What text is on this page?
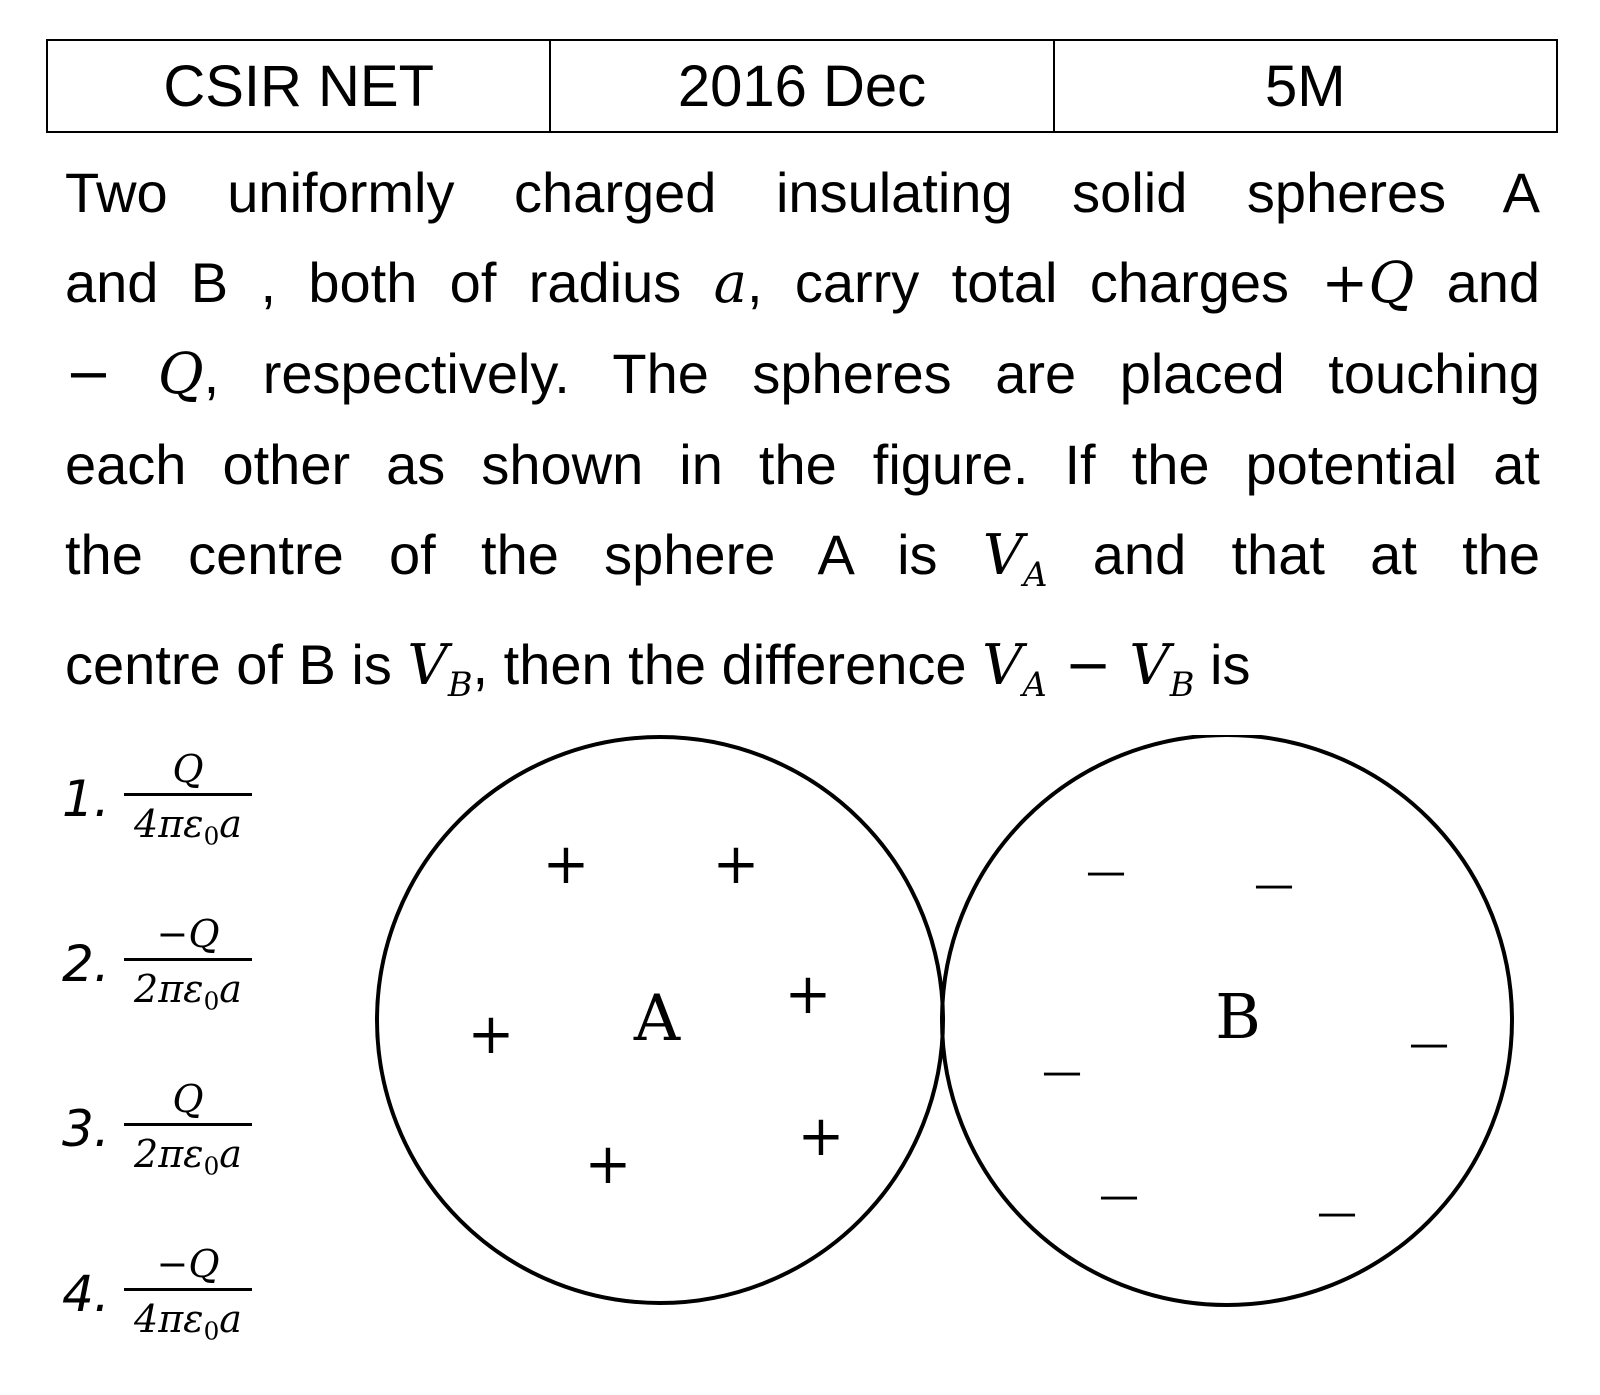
CSIR NET	2016 Dec	5M
Two uniformly charged insulating solid spheres A
and B , both of radius a, carry total charges +Q and
− Q, respectively. The spheres are placed touching
each other as shown in the figure. If the potential at
the centre of the sphere A is $V_A$ and that at the
centre of B is $V_B$, then the difference $V_A - V_B$ is
1. $\frac{Q}{4\pi\varepsilon_0a}$
2. $\frac{-Q}{2\pi\varepsilon_0a}$
3. $\frac{Q}{2\pi\varepsilon_0a}$
4. $\frac{-Q}{4\pi\varepsilon_0a}$
A	B
+ +
+
+
+
+
—	—
—
—
—	—
